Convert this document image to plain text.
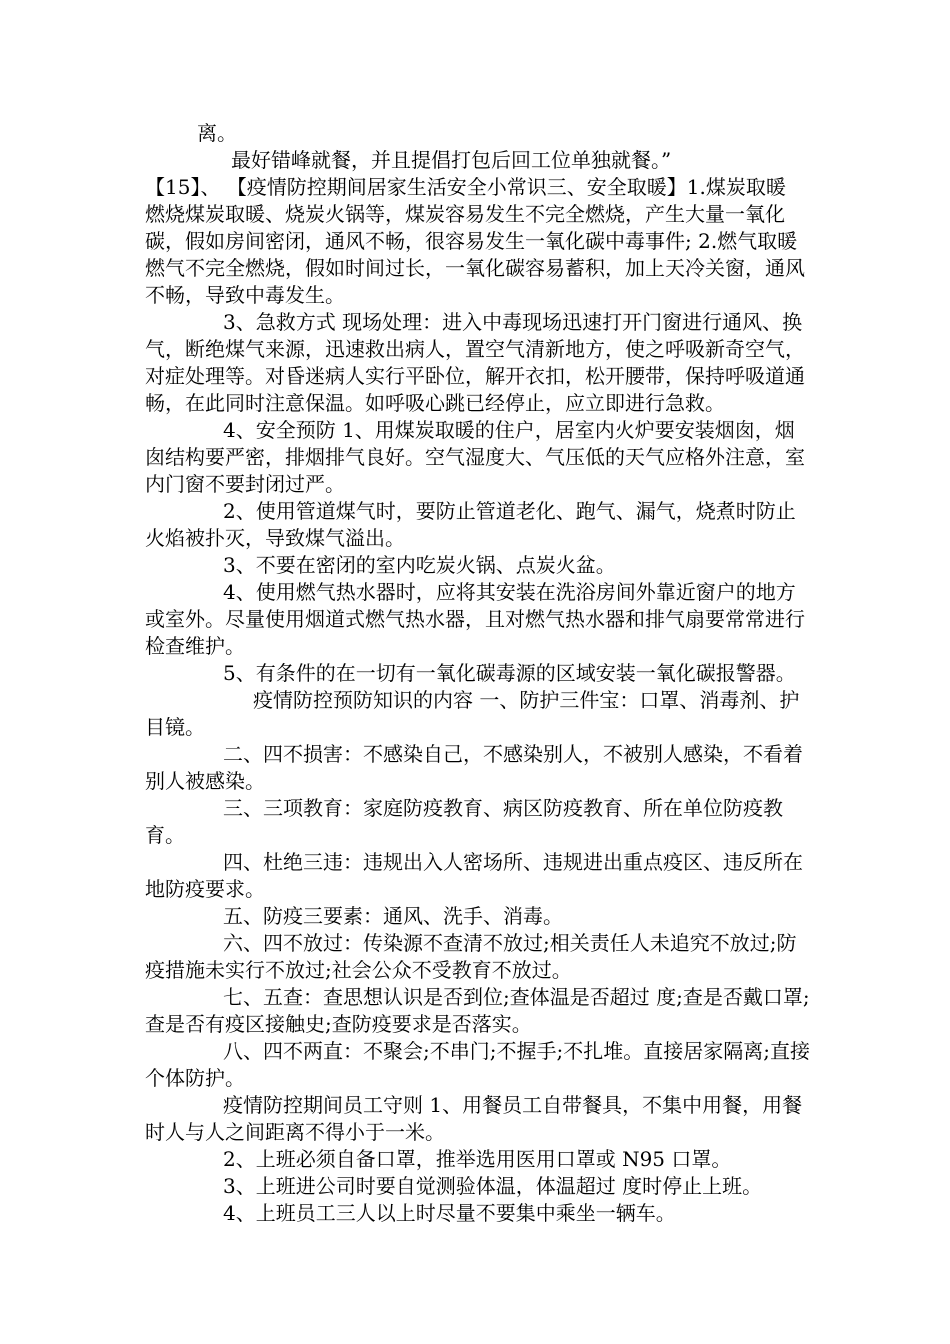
离。

最好错峰就餐，并且提倡打包后回工位单独就餐。”

【15】、 【疫情防控期间居家生活安全小常识三、安全取暖】1.煤炭取暖 燃烧煤炭取暖、烧炭火锅等，煤炭容易发生不完全燃烧，产生大量一氧化碳，假如房间密闭，通风不畅，很容易发生一氧化碳中毒事件; 2.燃气取暖 燃气不完全燃烧，假如时间过长，一氧化碳容易蓄积，加上天冷关窗，通风不畅，导致中毒发生。

3、急救方式 现场处理：进入中毒现场迅速打开门窗进行通风、换气，断绝煤气来源，迅速救出病人，置空气清新地方，使之呼吸新奇空气，对症处理等。对昏迷病人实行平卧位，解开衣扣，松开腰带，保持呼吸道通畅，在此同时注意保温。如呼吸心跳已经停止，应立即进行急救。

4、安全预防 1、用煤炭取暖的住户，居室内火炉要安装烟囱，烟囱结构要严密，排烟排气良好。空气湿度大、气压低的天气应格外注意，室内门窗不要封闭过严。

2、使用管道煤气时，要防止管道老化、跑气、漏气，烧煮时防止火焰被扑灭，导致煤气溢出。

3、不要在密闭的室内吃炭火锅、点炭火盆。

4、使用燃气热水器时，应将其安装在洗浴房间外靠近窗户的地方或室外。尽量使用烟道式燃气热水器，且对燃气热水器和排气扇要常常进行检查维护。

5、有条件的在一切有一氧化碳毒源的区域安装一氧化碳报警器。

疫情防控预防知识的内容 一、防护三件宝：口罩、消毒剂、护目镜。

二、四不损害：不感染自己，不感染别人，不被别人感染，不看着别人被感染。

三、三项教育：家庭防疫教育、病区防疫教育、所在单位防疫教育。

四、杜绝三违：违规出入人密场所、违规进出重点疫区、违反所在地防疫要求。

五、防疫三要素：通风、洗手、消毒。

六、四不放过：传染源不查清不放过;相关责任人未追究不放过;防疫措施未实行不放过;社会公众不受教育不放过。

七、五查：查思想认识是否到位;查体温是否超过 度;查是否戴口罩;查是否有疫区接触史;查防疫要求是否落实。

八、四不两直：不聚会;不串门;不握手;不扎堆。直接居家隔离;直接个体防护。

疫情防控期间员工守则 1、用餐员工自带餐具，不集中用餐，用餐时人与人之间距离不得小于一米。

2、上班必须自备口罩，推举选用医用口罩或 N95 口罩。

3、上班进公司时要自觉测验体温，体温超过 度时停止上班。

4、上班员工三人以上时尽量不要集中乘坐一辆车。
